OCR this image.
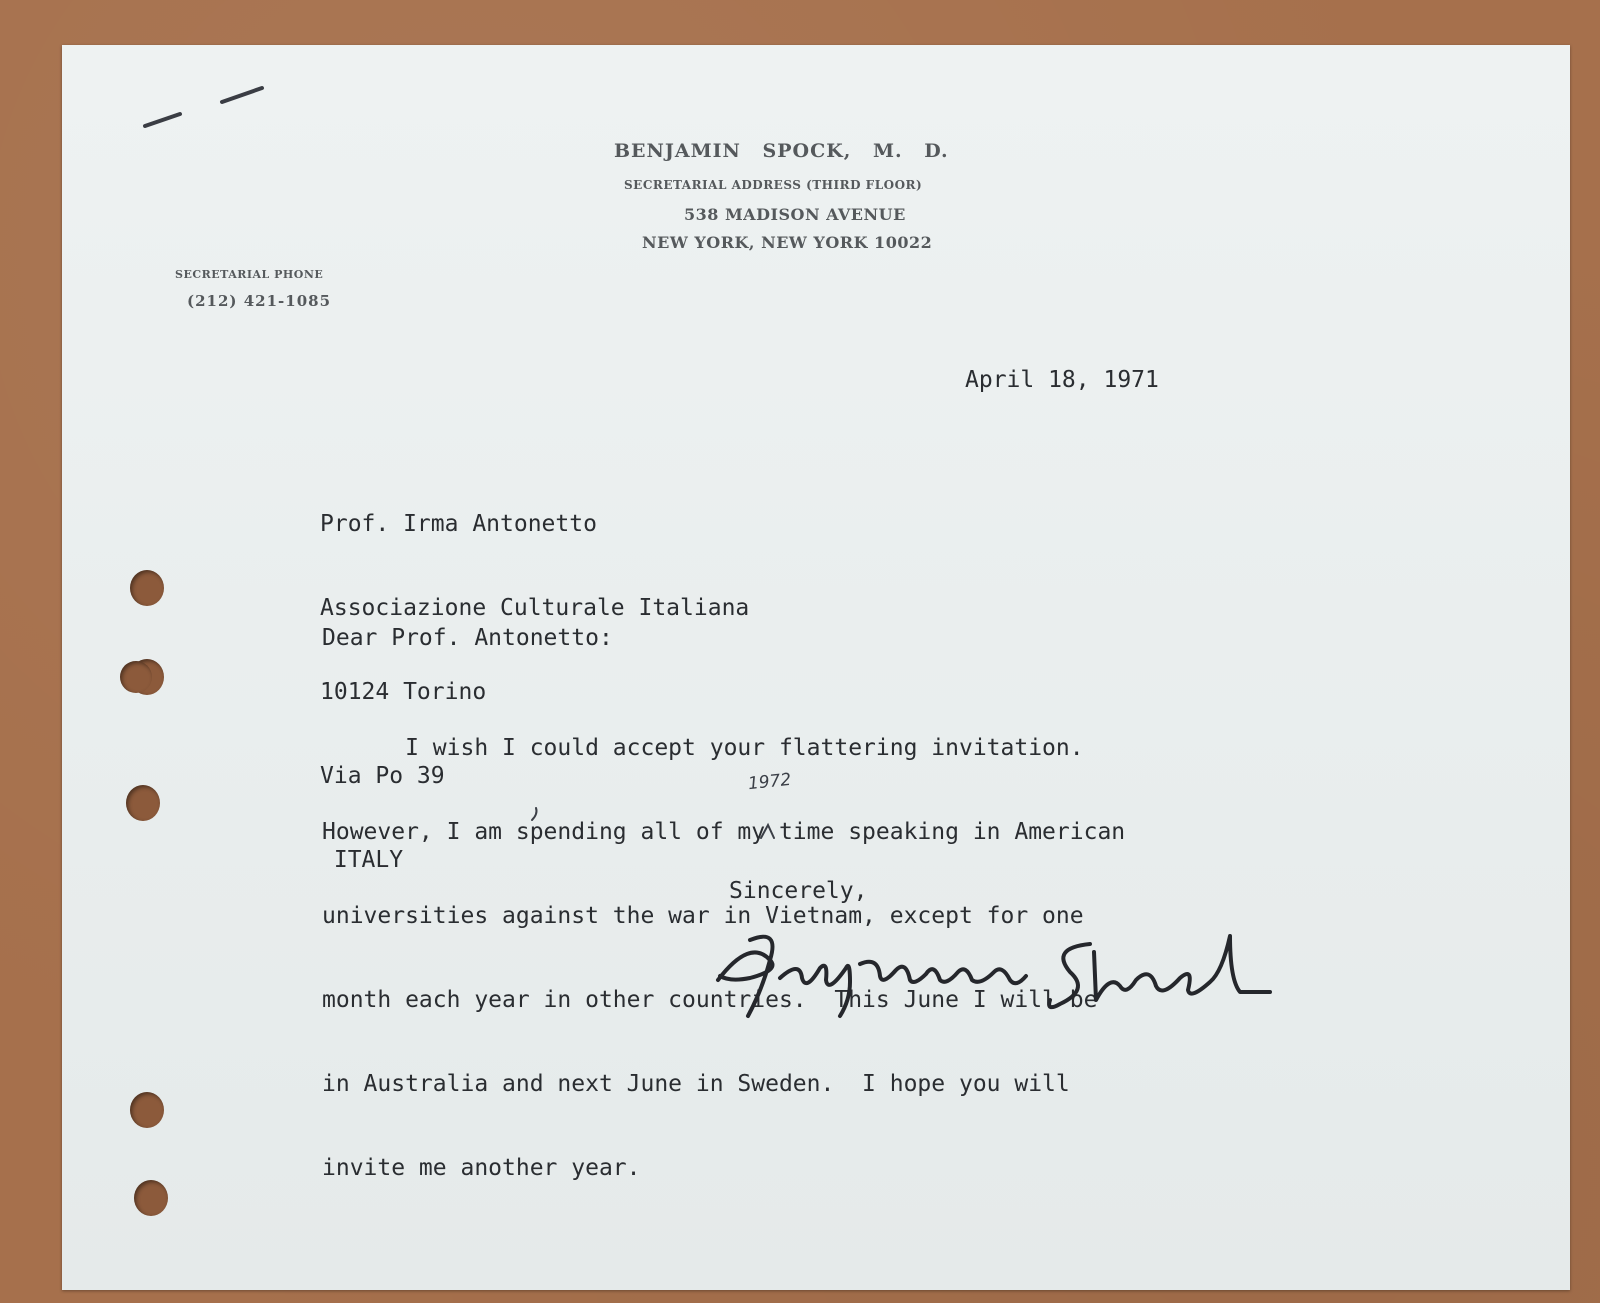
BENJAMIN SPOCK, M. D.
SECRETARIAL ADDRESS (THIRD FLOOR)
538 MADISON AVENUE
NEW YORK, NEW YORK 10022
SECRETARIAL PHONE
(212) 421-1085
April 18, 1971

Prof. Irma Antonetto

Associazione Culturale Italiana

10124 Torino

Via Po 39

ITALY

Dear Prof. Antonetto:

I wish I could accept your flattering invitation.

However, I am spending all of my time speaking in American

universities against the war in Vietnam, except for one

month each year in other countries.  This June I will be

in Australia and next June in Sweden.  I hope you will

invite me another year.

1972
Sincerely,
